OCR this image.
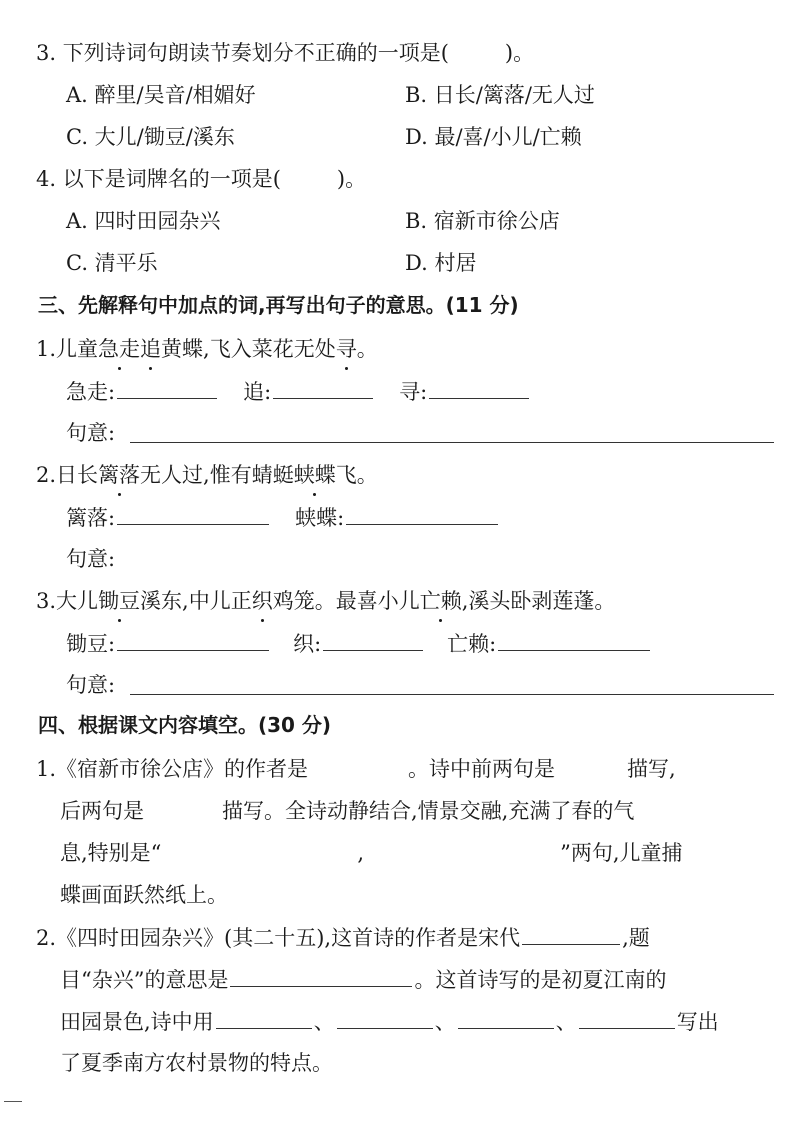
3. 下列诗词句朗读节奏划分不正确的一项是(	)。
A. 醉里/吴音/相媚好	B. 日长/篱落/无人过
C. 大儿/锄豆/溪东	D. 最/喜/小儿/亡赖
4. 以下是词牌名的一项是(	)。
A. 四时田园杂兴	B. 宿新市徐公店
C. 清平乐	D. 村居
三、先解释句中加点的词,再写出句子的意思。(11 分)
1.儿童急走追黄蝶,飞入菜花无处寻。
急走:	追:	寻:
句意:
2.日长篱落无人过,惟有蜻蜓蛱蝶飞。
篱落:	蛱蝶:
句意:
3.大儿锄豆溪东,中儿正织鸡笼。最喜小儿亡赖,溪头卧剥莲蓬。
锄豆:	织:	亡赖:
句意:
四、根据课文内容填空。(30 分)
1.《宿新市徐公店》的作者是	。诗中前两句是	描写,
后两句是	描写。全诗动静结合,情景交融,充满了春的气
息,特别是“	,	”两句,儿童捕
蝶画面跃然纸上。
2.《四时田园杂兴》(其二十五),这首诗的作者是宋代	,题
目“杂兴”的意思是	。这首诗写的是初夏江南的
田园景色,诗中用	、	、	、	写出
了夏季南方农村景物的特点。
